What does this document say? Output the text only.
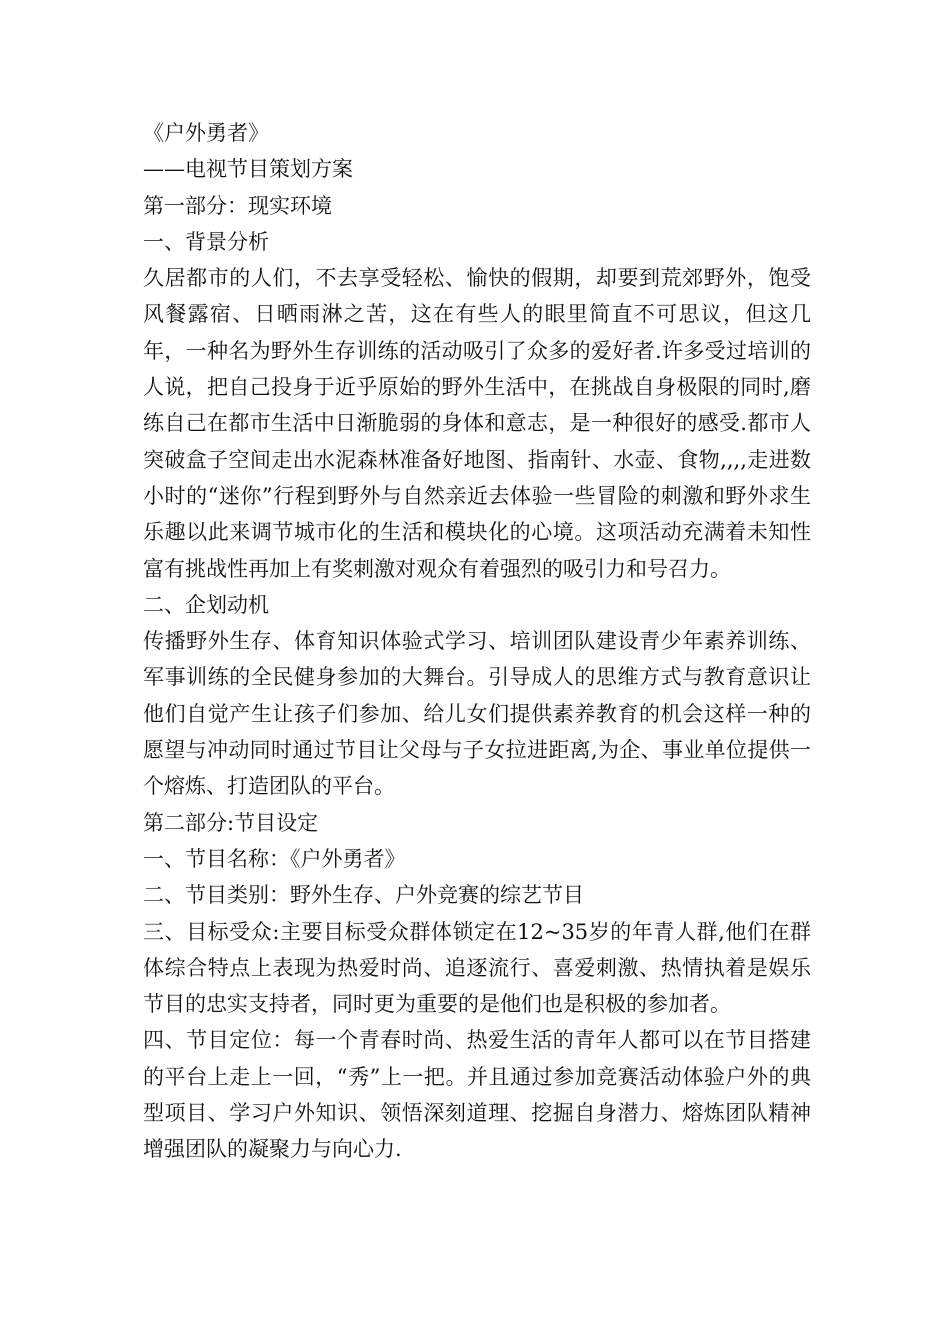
《户外勇者》

——电视节目策划方案

第一部分：现实环境

一、背景分析

久居都市的人们，不去享受轻松、愉快的假期，却要到荒郊野外，饱受风餐露宿、日晒雨淋之苦，这在有些人的眼里简直不可思议，但这几年，一种名为野外生存训练的活动吸引了众多的爱好者.许多受过培训的人说，把自己投身于近乎原始的野外生活中，在挑战自身极限的同时,磨练自己在都市生活中日渐脆弱的身体和意志，是一种很好的感受.都市人突破盒子空间走出水泥森林准备好地图、指南针、水壶、食物,,,,走进数小时的“迷你”行程到野外与自然亲近去体验一些冒险的刺激和野外求生乐趣以此来调节城市化的生活和模块化的心境。这项活动充满着未知性富有挑战性再加上有奖刺激对观众有着强烈的吸引力和号召力。

二、企划动机

传播野外生存、体育知识体验式学习、培训团队建设青少年素养训练、军事训练的全民健身参加的大舞台。引导成人的思维方式与教育意识让他们自觉产生让孩子们参加、给儿女们提供素养教育的机会这样一种的愿望与冲动同时通过节目让父母与子女拉进距离,为企、事业单位提供一个熔炼、打造团队的平台。

第二部分:节目设定

一、节目名称：《户外勇者》

二、节目类别：野外生存、户外竞赛的综艺节目

三、目标受众:主要目标受众群体锁定在12~35岁的年青人群,他们在群体综合特点上表现为热爱时尚、追逐流行、喜爱刺激、热情执着是娱乐节目的忠实支持者，同时更为重要的是他们也是积极的参加者。

四、节目定位：每一个青春时尚、热爱生活的青年人都可以在节目搭建的平台上走上一回，“秀”上一把。并且通过参加竞赛活动体验户外的典型项目、学习户外知识、领悟深刻道理、挖掘自身潜力、熔炼团队精神增强团队的凝聚力与向心力.
